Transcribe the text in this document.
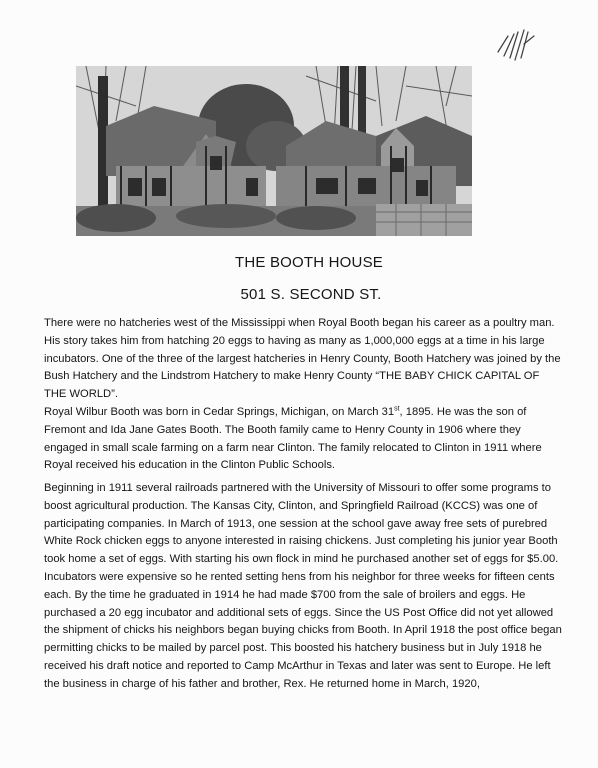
THE BOOTH HOUSE
501 S. SECOND ST.

There were no hatcheries west of the Mississippi when Royal Booth began his career as a poultry man. His story takes him from hatching 20 eggs to having as many as 1,000,000 eggs at a time in his large incubators. One of the three of the largest hatcheries in Henry County, Booth Hatchery was joined by the Bush Hatchery and the Lindstrom Hatchery to make Henry County “THE BABY CHICK CAPITAL OF THE WORLD”.

Royal Wilbur Booth was born in Cedar Springs, Michigan, on March 31st, 1895. He was the son of Fremont and Ida Jane Gates Booth. The Booth family came to Henry County in 1906 where they engaged in small scale farming on a farm near Clinton. The family relocated to Clinton in 1911 where Royal received his education in the Clinton Public Schools.

Beginning in 1911 several railroads partnered with the University of Missouri to offer some programs to boost agricultural production. The Kansas City, Clinton, and Springfield Railroad (KCCS) was one of participating companies. In March of 1913, one session at the school gave away free sets of purebred White Rock chicken eggs to anyone interested in raising chickens. Just completing his junior year Booth took home a set of eggs. With starting his own flock in mind he purchased another set of eggs for $5.00. Incubators were expensive so he rented setting hens from his neighbor for three weeks for fifteen cents each. By the time he graduated in 1914 he had made $700 from the sale of broilers and eggs. He purchased a 20 egg incubator and additional sets of eggs. Since the US Post Office did not yet allowed the shipment of chicks his neighbors began buying chicks from Booth. In April 1918 the post office began permitting chicks to be mailed by parcel post. This boosted his hatchery business but in July 1918 he received his draft notice and reported to Camp McArthur in Texas and later was sent to Europe. He left the business in charge of his father and brother, Rex. He returned home in March, 1920,
